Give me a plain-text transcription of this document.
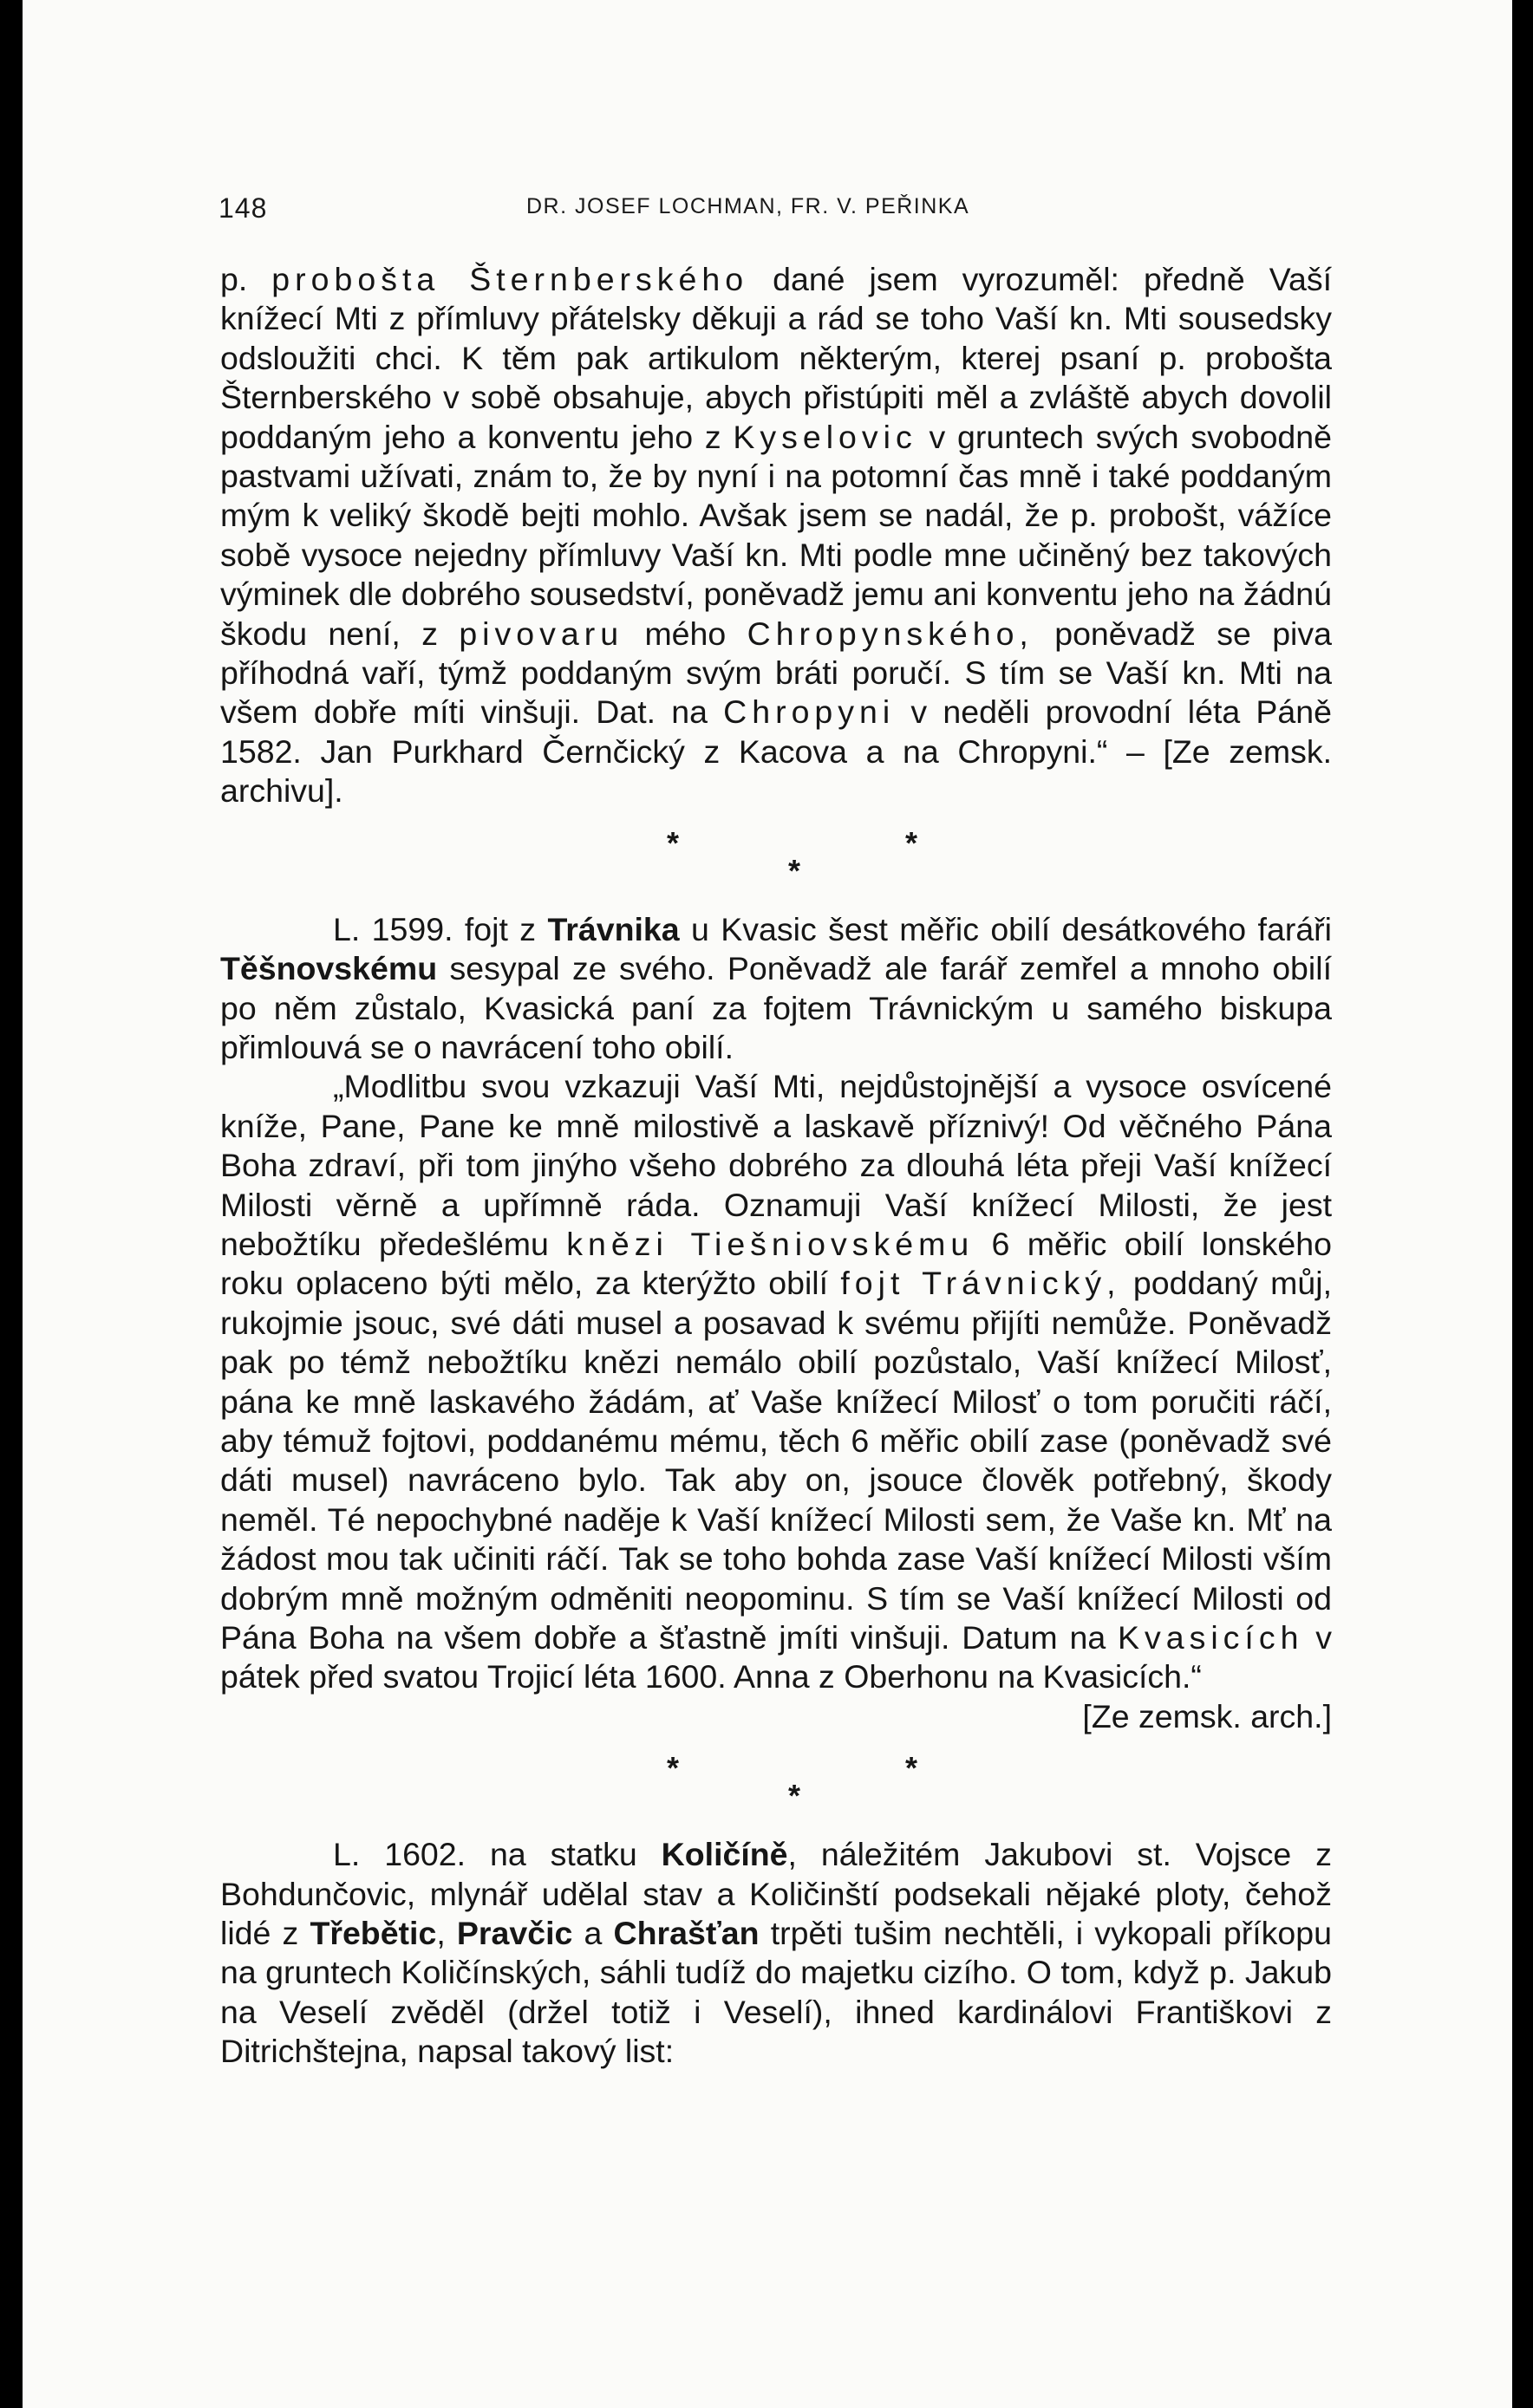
148	DR. JOSEF LOCHMAN, FR. V. PEŘINKA

p. probošta Šternberského dané jsem vyrozuměl: předně Vaší knížecí Mti z přímluvy přátelsky děkuji a rád se toho Vaší kn. Mti sousedsky odsloužiti chci. K těm pak artikulom některým, kterej psaní p. probošta Šternberského v sobě obsahuje, abych přistúpiti měl a zvláště abych dovolil poddaným jeho a konventu jeho z Kyselovic v gruntech svých svobodně pastvami užívati, znám to, že by nyní i na potomní čas mně i také poddaným mým k veliký škodě bejti mohlo. Avšak jsem se nadál, že p. probošt, vážíce sobě vysoce nejedny přímluvy Vaší kn. Mti podle mne učiněný bez takových výminek dle dobrého sousedství, poněvadž jemu ani konventu jeho na žádnú škodu není, z pivovaru mého Chropynského, poněvadž se piva příhodná vaří, týmž poddaným svým bráti poručí. S tím se Vaší kn. Mti na všem dobře míti vinšuji. Dat. na Chropyni v neděli provodní léta Páně 1582. Jan Purkhard Černčický z Kacova a na Chropyni.“ – [Ze zemsk. archivu].

*	*
*

L. 1599. fojt z Trávnika u Kvasic šest měřic obilí desátkového faráři Těšnovskému sesypal ze svého. Poněvadž ale farář zemřel a mnoho obilí po něm zůstalo, Kvasická paní za fojtem Trávnickým u samého biskupa přimlouvá se o navrácení toho obilí.

„Modlitbu svou vzkazuji Vaší Mti, nejdůstojnější a vysoce osvícené kníže, Pane, Pane ke mně milostivě a laskavě příznivý! Od věčného Pána Boha zdraví, při tom jinýho všeho dobrého za dlouhá léta přeji Vaší knížecí Milosti věrně a upřímně ráda. Oznamuji Vaší knížecí Milosti, že jest nebožtíku předešlému knězi Tiešniovskému 6 měřic obilí lonského roku oplaceno býti mělo, za kterýžto obilí fojt Trávnický, poddaný můj, rukojmie jsouc, své dáti musel a posavad k svému přijíti nemůže. Poněvadž pak po témž nebožtíku knězi nemálo obilí pozůstalo, Vaší knížecí Milosť, pána ke mně laskavého žádám, ať Vaše knížecí Milosť o tom poručiti ráčí, aby témuž fojtovi, poddanému mému, těch 6 měřic obilí zase (poněvadž své dáti musel) navráceno bylo. Tak aby on, jsouce člověk potřebný, škody neměl. Té nepochybné naděje k Vaší knížecí Milosti sem, že Vaše kn. Mť na žádost mou tak učiniti ráčí. Tak se toho bohda zase Vaší knížecí Milosti vším dobrým mně možným odměniti neopominu. S tím se Vaší knížecí Milosti od Pána Boha na všem dobře a šťastně jmíti vinšuji. Datum na Kvasicích v pátek před svatou Trojicí léta 1600. Anna z Oberhonu na Kvasicích.“
[Ze zemsk. arch.]

*	*
*

L. 1602. na statku Količíně, náležitém Jakubovi st. Vojsce z Bohdunčovic, mlynář udělal stav a Količinští podsekali nějaké ploty, čehož lidé z Třebětic, Pravčic a Chrašťan trpěti tušim nechtěli, i vykopali příkopu na gruntech Količínských, sáhli tudíž do majetku cizího. O tom, když p. Jakub na Veselí zvěděl (držel totiž i Veselí), ihned kardinálovi Františkovi z Ditrichštejna, napsal takový list:
